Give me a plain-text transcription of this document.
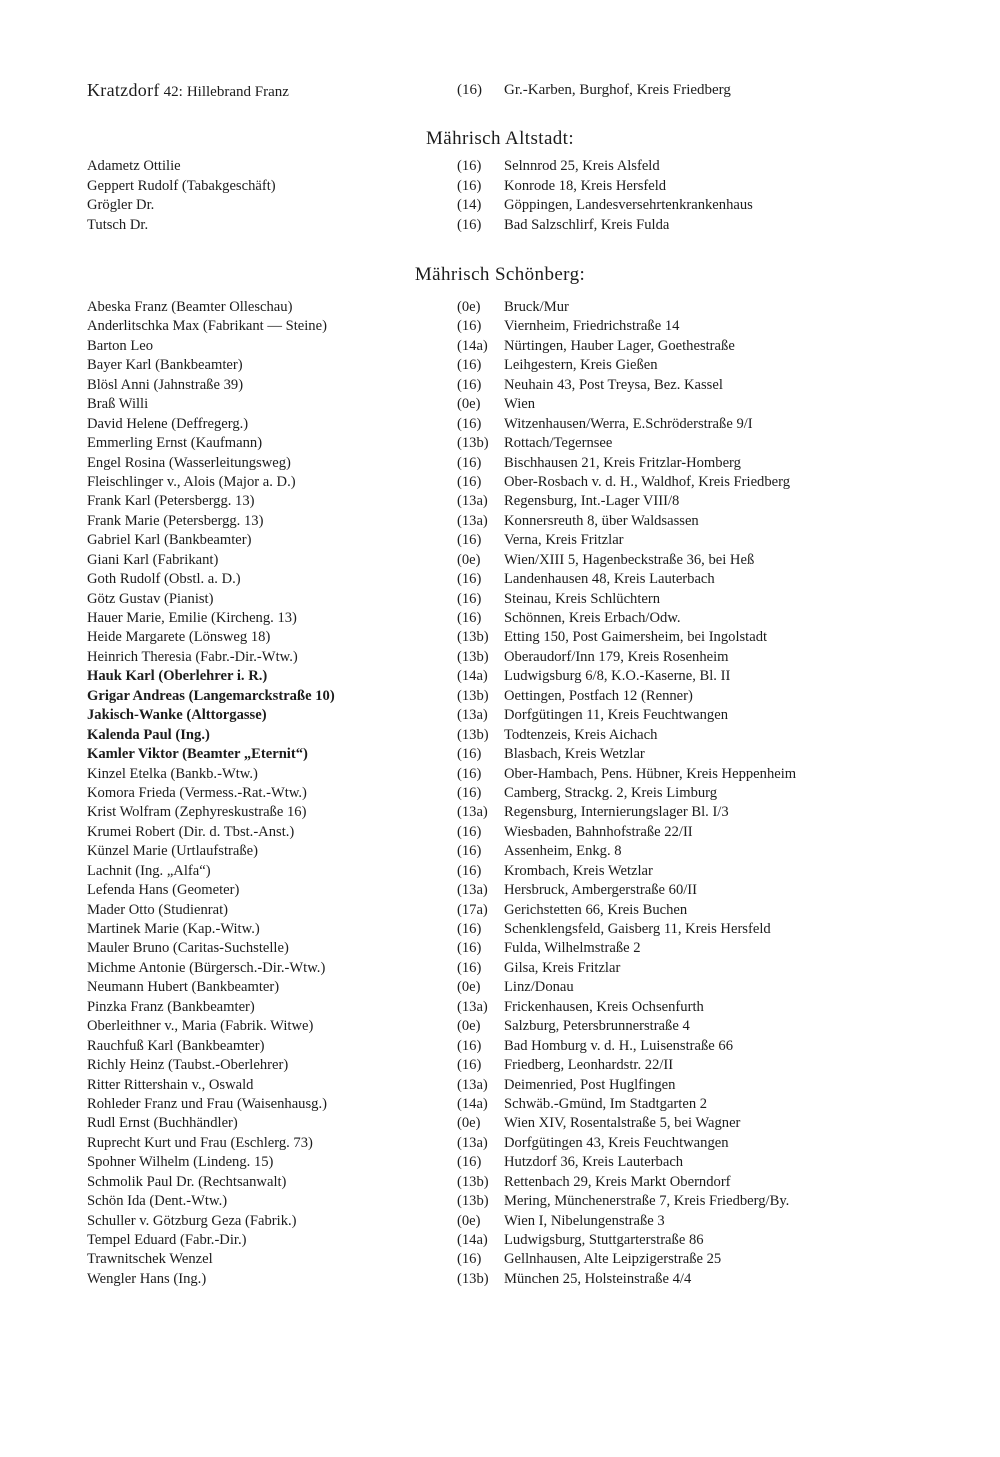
Kratzdorf 42: Hillebrand Franz	(16) Gr.-Karben, Burghof, Kreis Friedberg
Mährisch Altstadt:
Adametz Ottilie	(16) Selnnrod 25, Kreis Alsfeld
Geppert Rudolf (Tabakgeschäft)	(16) Konrode 18, Kreis Hersfeld
Grögler Dr.	(14) Göppingen, Landesversehrtenkrankenhaus
Tutsch Dr.	(16) Bad Salzschlirf, Kreis Fulda
Mährisch Schönberg:
Abeska Franz (Beamter Olleschau)	(0e) Bruck/Mur
Anderlitschka Max (Fabrikant — Steine)	(16) Viernheim, Friedrichstraße 14
Barton Leo	(14a) Nürtingen, Hauber Lager, Goethestraße
Bayer Karl (Bankbeamter)	(16) Leihgestern, Kreis Gießen
Blösl Anni (Jahnstraße 39)	(16) Neuhain 43, Post Treysa, Bez. Kassel
Braß Willi	(0e) Wien
David Helene (Deffregerg.)	(16) Witzenhausen/Werra, E.Schröderstraße 9/I
Emmerling Ernst (Kaufmann)	(13b) Rottach/Tegernsee
Engel Rosina (Wasserleitungsweg)	(16) Bischhausen 21, Kreis Fritzlar-Homberg
Fleischlinger v., Alois (Major a. D.)	(16) Ober-Rosbach v. d. H., Waldhof, Kreis Friedberg
Frank Karl (Petersbergg. 13)	(13a) Regensburg, Int.-Lager VIII/8
Frank Marie (Petersbergg. 13)	(13a) Konnersreuth 8, über Waldsassen
Gabriel Karl (Bankbeamter)	(16) Verna, Kreis Fritzlar
Giani Karl (Fabrikant)	(0e) Wien/XIII 5, Hagenbeckstraße 36, bei Heß
Goth Rudolf (Obstl. a. D.)	(16) Landenhausen 48, Kreis Lauterbach
Götz Gustav (Pianist)	(16) Steinau, Kreis Schlüchtern
Hauer Marie, Emilie (Kircheng. 13)	(16) Schönnen, Kreis Erbach/Odw.
Heide Margarete (Lönsweg 18)	(13b) Etting 150, Post Gaimersheim, bei Ingolstadt
Heinrich Theresia (Fabr.-Dir.-Wtw.)	(13b) Oberaudorf/Inn 179, Kreis Rosenheim
Hauk Karl (Oberlehrer i. R.)	(14a) Ludwigsburg 6/8, K.O.-Kaserne, Bl. II
Grigar Andreas (Langemarckstraße 10)	(13b) Oettingen, Postfach 12 (Renner)
Jakisch-Wanke (Alttorgasse)	(13a) Dorfgütingen 11, Kreis Feuchtwangen
Kalenda Paul (Ing.)	(13b) Todtenzeis, Kreis Aichach
Kamler Viktor (Beamter „Eternit“)	(16) Blasbach, Kreis Wetzlar
Kinzel Etelka (Bankb.-Wtw.)	(16) Ober-Hambach, Pens. Hübner, Kreis Heppenheim
Komora Frieda (Vermess.-Rat.-Wtw.)	(16) Camberg, Strackg. 2, Kreis Limburg
Krist Wolfram (Zephyreskustraße 16)	(13a) Regensburg, Internierungslager Bl. I/3
Krumei Robert (Dir. d. Tbst.-Anst.)	(16) Wiesbaden, Bahnhofstraße 22/II
Künzel Marie (Urtlaufstraße)	(16) Assenheim, Enkg. 8
Lachnit (Ing. „Alfa“)	(16) Krombach, Kreis Wetzlar
Lefenda Hans (Geometer)	(13a) Hersbruck, Ambergerstraße 60/II
Mader Otto (Studienrat)	(17a) Gerichstetten 66, Kreis Buchen
Martinek Marie (Kap.-Witw.)	(16) Schenklengsfeld, Gaisberg 11, Kreis Hersfeld
Mauler Bruno (Caritas-Suchstelle)	(16) Fulda, Wilhelmstraße 2
Michme Antonie (Bürgersch.-Dir.-Wtw.)	(16) Gilsa, Kreis Fritzlar
Neumann Hubert (Bankbeamter)	(0e) Linz/Donau
Pinzka Franz (Bankbeamter)	(13a) Frickenhausen, Kreis Ochsenfurth
Oberleithner v., Maria (Fabrik. Witwe)	(0e) Salzburg, Petersbrunnerstraße 4
Rauchfuß Karl (Bankbeamter)	(16) Bad Homburg v. d. H., Luisenstraße 66
Richly Heinz (Taubst.-Oberlehrer)	(16) Friedberg, Leonhardstr. 22/II
Ritter Rittershain v., Oswald	(13a) Deimenried, Post Huglfingen
Rohleder Franz und Frau (Waisenhausg.)	(14a) Schwäb.-Gmünd, Im Stadtgarten 2
Rudl Ernst (Buchhändler)	(0e) Wien XIV, Rosentalstraße 5, bei Wagner
Ruprecht Kurt und Frau (Eschlerg. 73)	(13a) Dorfgütingen 43, Kreis Feuchtwangen
Spohner Wilhelm (Lindeng. 15)	(16) Hutzdorf 36, Kreis Lauterbach
Schmolik Paul Dr. (Rechtsanwalt)	(13b) Rettenbach 29, Kreis Markt Oberndorf
Schön Ida (Dent.-Wtw.)	(13b) Mering, Münchenerstraße 7, Kreis Friedberg/By.
Schuller v. Götzburg Geza (Fabrik.)	(0e) Wien I, Nibelungenstraße 3
Tempel Eduard (Fabr.-Dir.)	(14a) Ludwigsburg, Stuttgarterstraße 86
Trawnitschek Wenzel	(16) Gellnhausen, Alte Leipzigerstraße 25
Wengler Hans (Ing.)	(13b) München 25, Holsteinstraße 4/4
